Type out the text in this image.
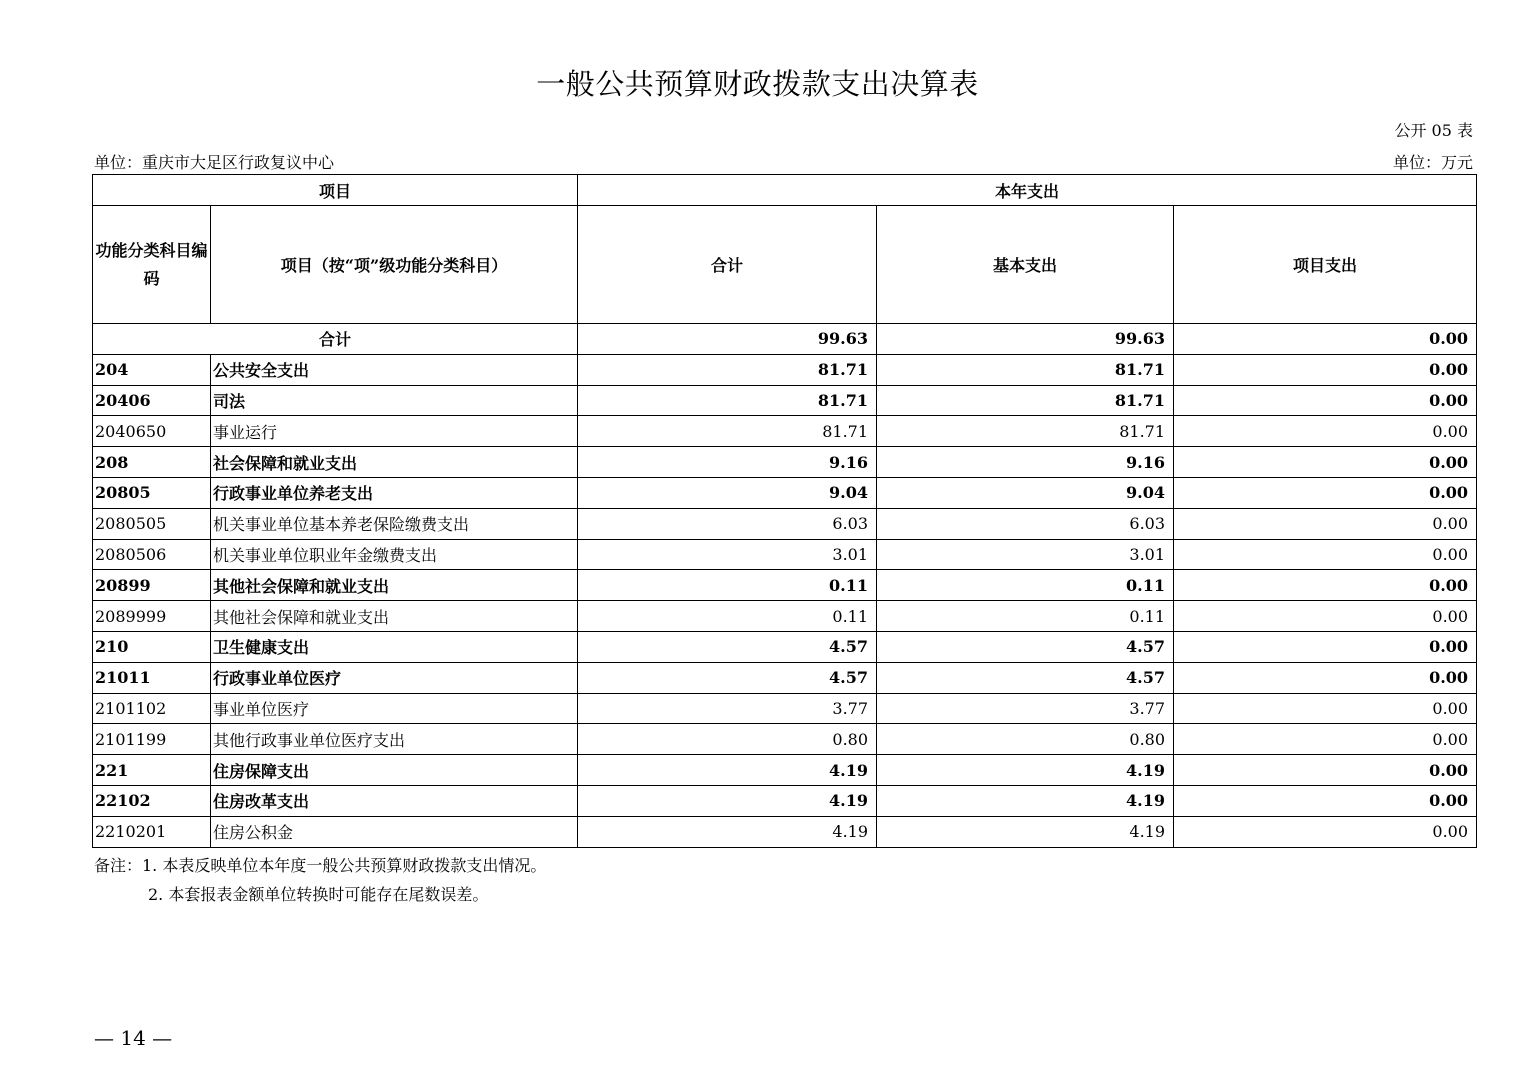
一般公共预算财政拨款支出决算表
公开 05 表
单位：重庆市大足区行政复议中心	单位：万元
项目		本年支出		
功能分类科目编码	项目（按“项”级功能分类科目）	合计	基本支出	项目支出
合计		99.63	99.63	0.00
204	公共安全支出	81.71	81.71	0.00
20406	司法	81.71	81.71	0.00
2040650	事业运行	81.71	81.71	0.00
208	社会保障和就业支出	9.16	9.16	0.00
20805	行政事业单位养老支出	9.04	9.04	0.00
2080505	机关事业单位基本养老保险缴费支出	6.03	6.03	0.00
2080506	机关事业单位职业年金缴费支出	3.01	3.01	0.00
20899	其他社会保障和就业支出	0.11	0.11	0.00
2089999	其他社会保障和就业支出	0.11	0.11	0.00
210	卫生健康支出	4.57	4.57	0.00
21011	行政事业单位医疗	4.57	4.57	0.00
2101102	事业单位医疗	3.77	3.77	0.00
2101199	其他行政事业单位医疗支出	0.80	0.80	0.00
221	住房保障支出	4.19	4.19	0.00
22102	住房改革支出	4.19	4.19	0.00
2210201	住房公积金	4.19	4.19	0.00
备注：1. 本表反映单位本年度一般公共预算财政拨款支出情况。
2. 本套报表金额单位转换时可能存在尾数误差。
— 14 —
